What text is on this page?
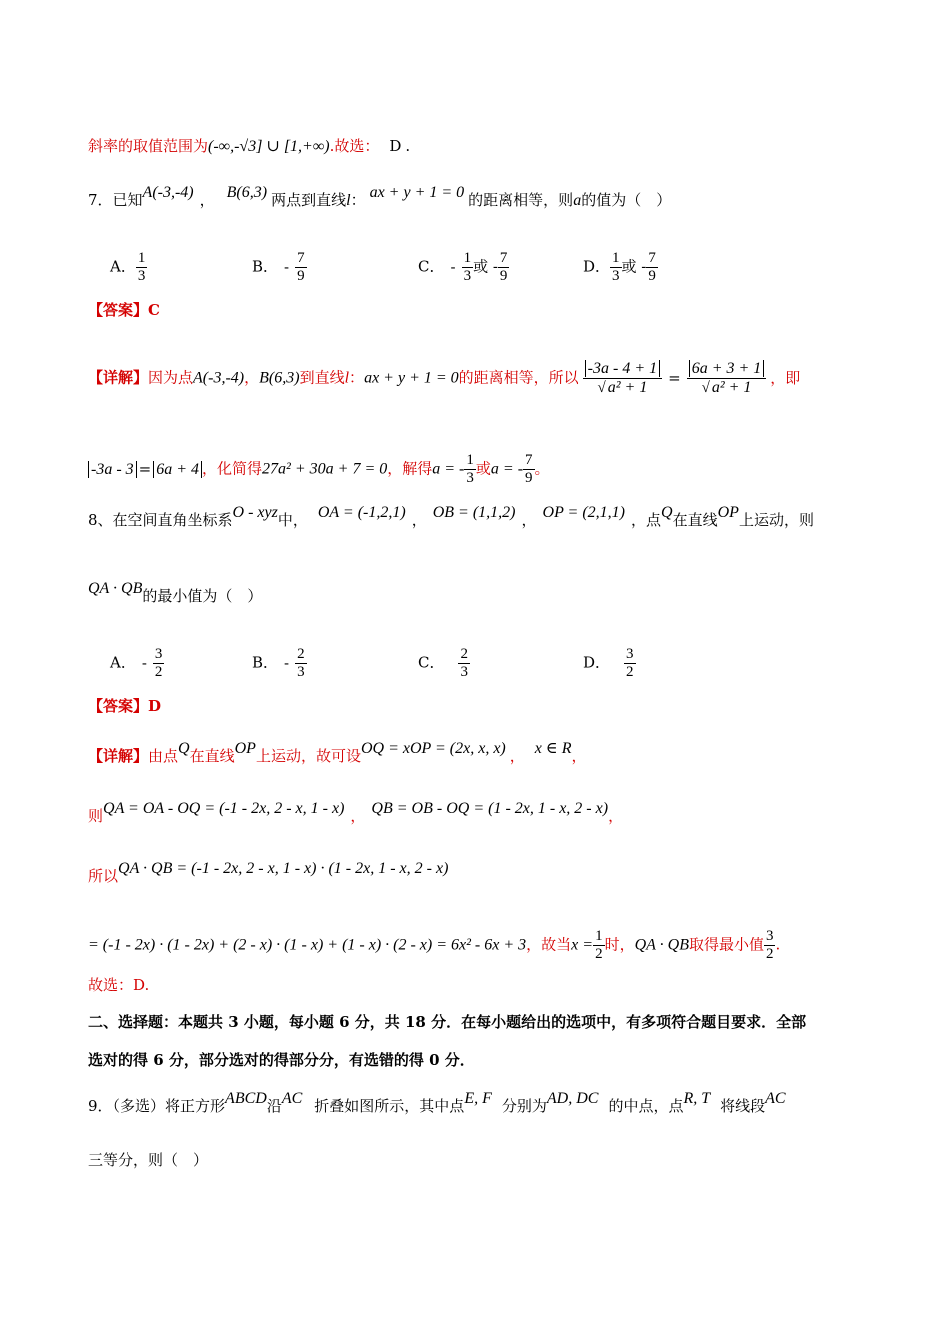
斜率的取值范围为(-∞,-√3] ∪ [1,+∞).故选： D .
7．已知A(-3,-4) ， B(6,3) 两点到直线l： ax + y + 1 = 0 的距离相等，则a的值为（　）
A． $\frac{1}{3}$	B． - $\frac{7}{9}$	C． - $\frac{1}{3}$ 或 - $\frac{7}{9}$	D． $\frac{1}{3}$ 或 - $\frac{7}{9}$
【答案】C
【详解】因为点A(-3,-4)，B(6,3)到直线l：ax + y + 1 = 0的距离相等，所以 $\frac{-3a - 4 + 1}{\text{√ a² + 1}} = \frac{6a + 3 + 1}{\text{√ a² + 1}}$ ，即
-3a - 3 = 6a + 4 ，化简得27a² + 30a + 7 = 0，解得a = - $\frac{1}{3}$ 或a = - $\frac{7}{9}$ 。
8、在空间直角坐标系O - xyz中， OA = (-1,2,1) ， OB = (1,1,2) ， OP = (2,1,1) ，点Q在直线OP上运动，则
QA · QB的最小值为（　）
A． - $\frac{3}{2}$	B． - $\frac{2}{3}$	C． $\frac{2}{3}$	D． $\frac{3}{2}$
【答案】D
【详解】由点Q在直线OP上运动，故可设OQ = xOP = (2x, x, x) ， x ∈ R，
则QA = OA - OQ = (-1 - 2x, 2 - x, 1 - x) ， QB = OB - OQ = (1 - 2x, 1 - x, 2 - x)，
所以QA · QB = (-1 - 2x, 2 - x, 1 - x) · (1 - 2x, 1 - x, 2 - x)
= (-1 - 2x) · (1 - 2x) + (2 - x) · (1 - x) + (1 - x) · (2 - x) = 6x² - 6x + 3，故当$x = \frac{1}{2}$ 时，QA · QB取得最小值 $\frac{3}{2}$ .
故选：D.
二、选择题：本题共 3 小题，每小题 6 分，共 18 分．在每小题给出的选项中，有多项符合题目要求．全部
选对的得 6 分，部分选对的得部分分，有选错的得 0 分．
9．（多选）将正方形ABCD沿AC 折叠如图所示，其中点E, F 分别为AD, DC 的中点，点R, T 将线段AC
三等分，则（　）
